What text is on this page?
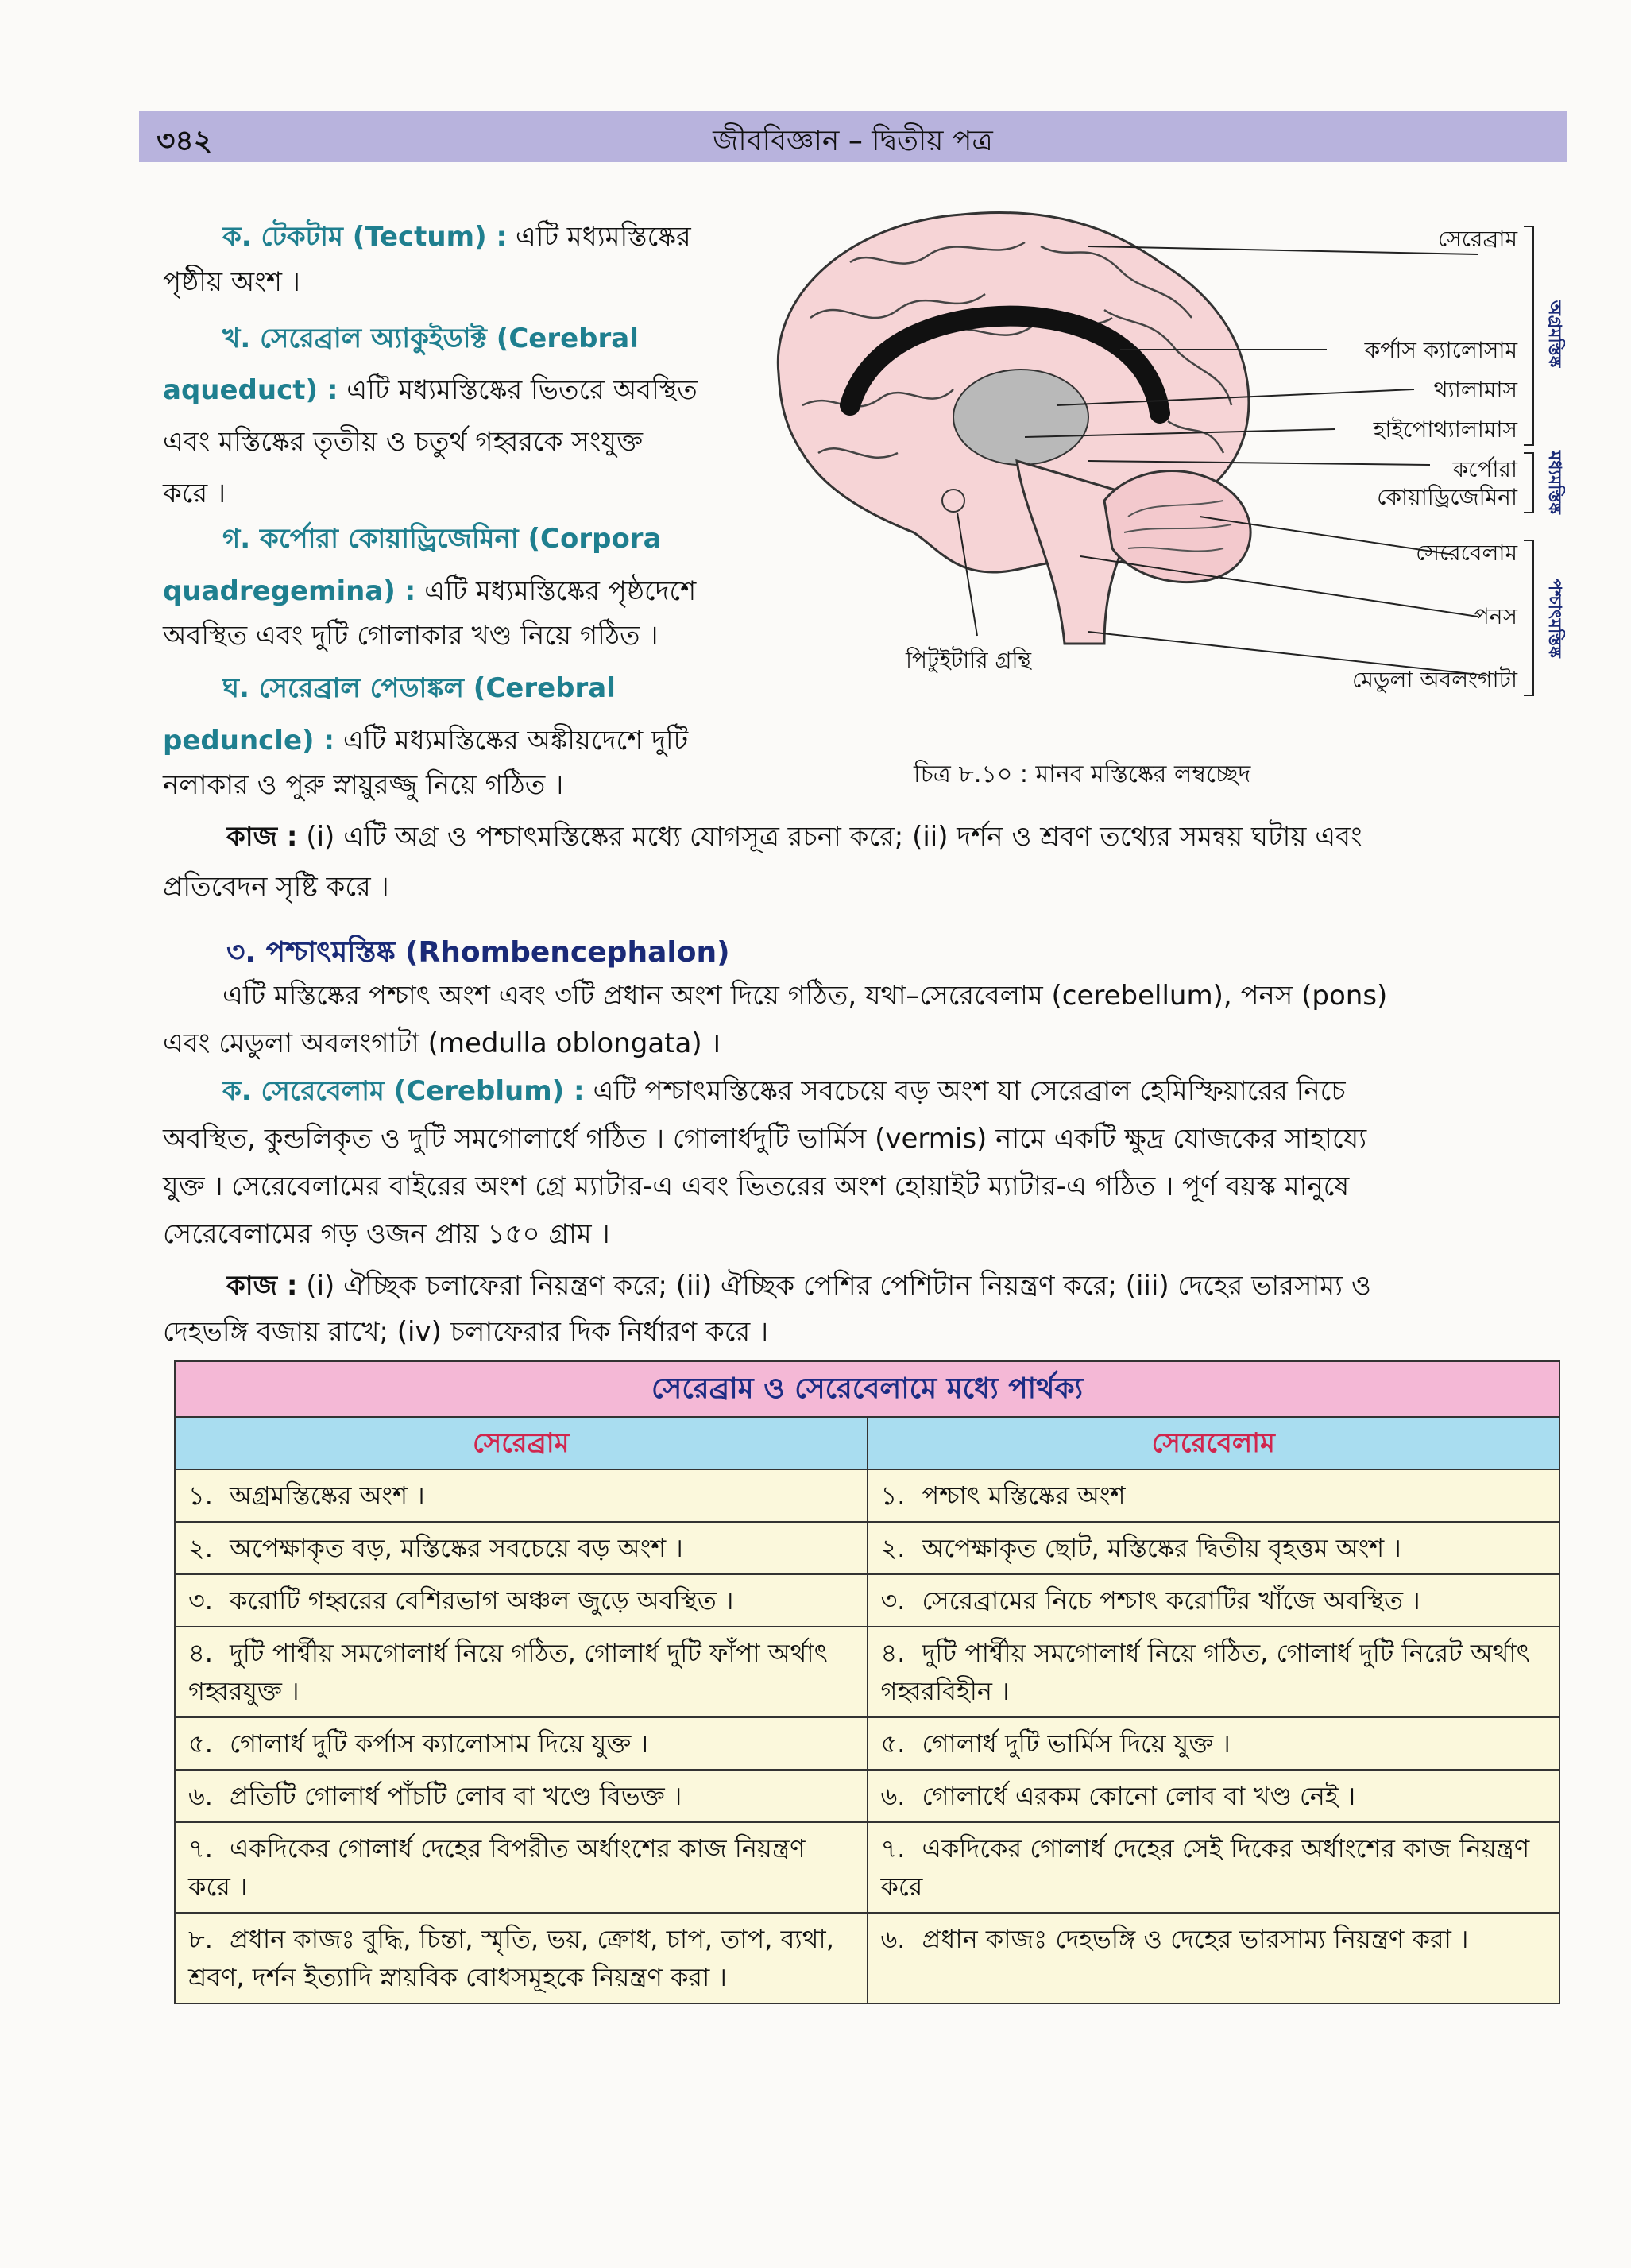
৩৪২	জীববিজ্ঞান – দ্বিতীয় পত্র

ক. টেকটাম (Tectum) : এটি মধ্যমস্তিষ্কের

পৃষ্ঠীয় অংশ ।

খ. সেরেব্রাল অ্যাকুইডাক্ট (Cerebral

aqueduct) : এটি মধ্যমস্তিষ্কের ভিতরে অবস্থিত

এবং মস্তিষ্কের তৃতীয় ও চতুর্থ গহ্বরকে সংযুক্ত

করে ।

গ. কর্পোরা কোয়াড্রিজেমিনা (Corpora

quadregemina) : এটি মধ্যমস্তিষ্কের পৃষ্ঠদেশে

অবস্থিত এবং দুটি গোলাকার খণ্ড নিয়ে গঠিত ।

ঘ. সেরেব্রাল পেডাঙ্কল (Cerebral

peduncle) : এটি মধ্যমস্তিষ্কের অঙ্কীয়দেশে দুটি

নলাকার ও পুরু স্নায়ুরজ্জু নিয়ে গঠিত ।

সেরেব্রাম
কর্পাস ক্যালোসাম
থ্যালামাস
হাইপোথ্যালামাস
কর্পোরা
কোয়াড্রিজেমিনা
সেরেবেলাম
পনস
মেডুলা অবলংগাটা
পিটুইটারি গ্রন্থি
অগ্রমস্তিষ্ক
মধ্যমস্তিষ্ক
পশ্চাৎমস্তিষ্ক
চিত্র ৮.১০ : মানব মস্তিষ্কের লম্বচ্ছেদ

কাজ : (i) এটি অগ্র ও পশ্চাৎমস্তিষ্কের মধ্যে যোগসূত্র রচনা করে; (ii) দর্শন ও শ্রবণ তথ্যের সমন্বয় ঘটায় এবং

প্রতিবেদন সৃষ্টি করে ।

৩. পশ্চাৎমস্তিষ্ক (Rhombencephalon)

এটি মস্তিষ্কের পশ্চাৎ অংশ এবং ৩টি প্রধান অংশ দিয়ে গঠিত, যথা–সেরেবেলাম (cerebellum), পনস (pons)

এবং মেডুলা অবলংগাটা (medulla oblongata) ।

ক. সেরেবেলাম (Cereblum) : এটি পশ্চাৎমস্তিষ্কের সবচেয়ে বড় অংশ যা সেরেব্রাল হেমিস্ফিয়ারের নিচে

অবস্থিত, কুন্ডলিকৃত ও দুটি সমগোলার্ধে গঠিত । গোলার্ধদুটি ভার্মিস (vermis) নামে একটি ক্ষুদ্র যোজকের সাহায্যে

যুক্ত । সেরেবেলামের বাইরের অংশ গ্রে ম্যাটার-এ এবং ভিতরের অংশ হোয়াইট ম্যাটার-এ গঠিত । পূর্ণ বয়স্ক মানুষে

সেরেবেলামের গড় ওজন প্রায় ১৫০ গ্রাম ।

কাজ : (i) ঐচ্ছিক চলাফেরা নিয়ন্ত্রণ করে; (ii) ঐচ্ছিক পেশির পেশিটান নিয়ন্ত্রণ করে; (iii) দেহের ভারসাম্য ও

দেহভঙ্গি বজায় রাখে; (iv) চলাফেরার দিক নির্ধারণ করে ।

সেরেব্রাম ও সেরেবেলামে মধ্যে পার্থক্য	
সেরেব্রাম	সেরেবেলাম
১. অগ্রমস্তিষ্কের অংশ ।	১. পশ্চাৎ মস্তিষ্কের অংশ
২. অপেক্ষাকৃত বড়, মস্তিষ্কের সবচেয়ে বড় অংশ ।	২. অপেক্ষাকৃত ছোট, মস্তিষ্কের দ্বিতীয় বৃহত্তম অংশ ।
৩. করোটি গহ্বরের বেশিরভাগ অঞ্চল জুড়ে অবস্থিত ।	৩. সেরেব্রামের নিচে পশ্চাৎ করোটির খাঁজে অবস্থিত ।
৪. দুটি পার্শ্বীয় সমগোলার্ধ নিয়ে গঠিত, গোলার্ধ দুটি ফাঁপা অর্থাৎ গহ্বরযুক্ত ।	৪. দুটি পার্শ্বীয় সমগোলার্ধ নিয়ে গঠিত, গোলার্ধ দুটি নিরেট অর্থাৎ গহ্বরবিহীন ।
৫. গোলার্ধ দুটি কর্পাস ক্যালোসাম দিয়ে যুক্ত ।	৫. গোলার্ধ দুটি ভার্মিস দিয়ে যুক্ত ।
৬. প্রতিটি গোলার্ধ পাঁচটি লোব বা খণ্ডে বিভক্ত ।	৬. গোলার্ধে এরকম কোনো লোব বা খণ্ড নেই ।
৭. একদিকের গোলার্ধ দেহের বিপরীত অর্ধাংশের কাজ নিয়ন্ত্রণ করে ।	৭. একদিকের গোলার্ধ দেহের সেই দিকের অর্ধাংশের কাজ নিয়ন্ত্রণ করে
৮. প্রধান কাজঃ বুদ্ধি, চিন্তা, স্মৃতি, ভয়, ক্রোধ, চাপ, তাপ, ব্যথা, শ্রবণ, দর্শন ইত্যাদি স্নায়বিক বোধসমূহকে নিয়ন্ত্রণ করা ।	৬. প্রধান কাজঃ দেহভঙ্গি ও দেহের ভারসাম্য নিয়ন্ত্রণ করা ।
